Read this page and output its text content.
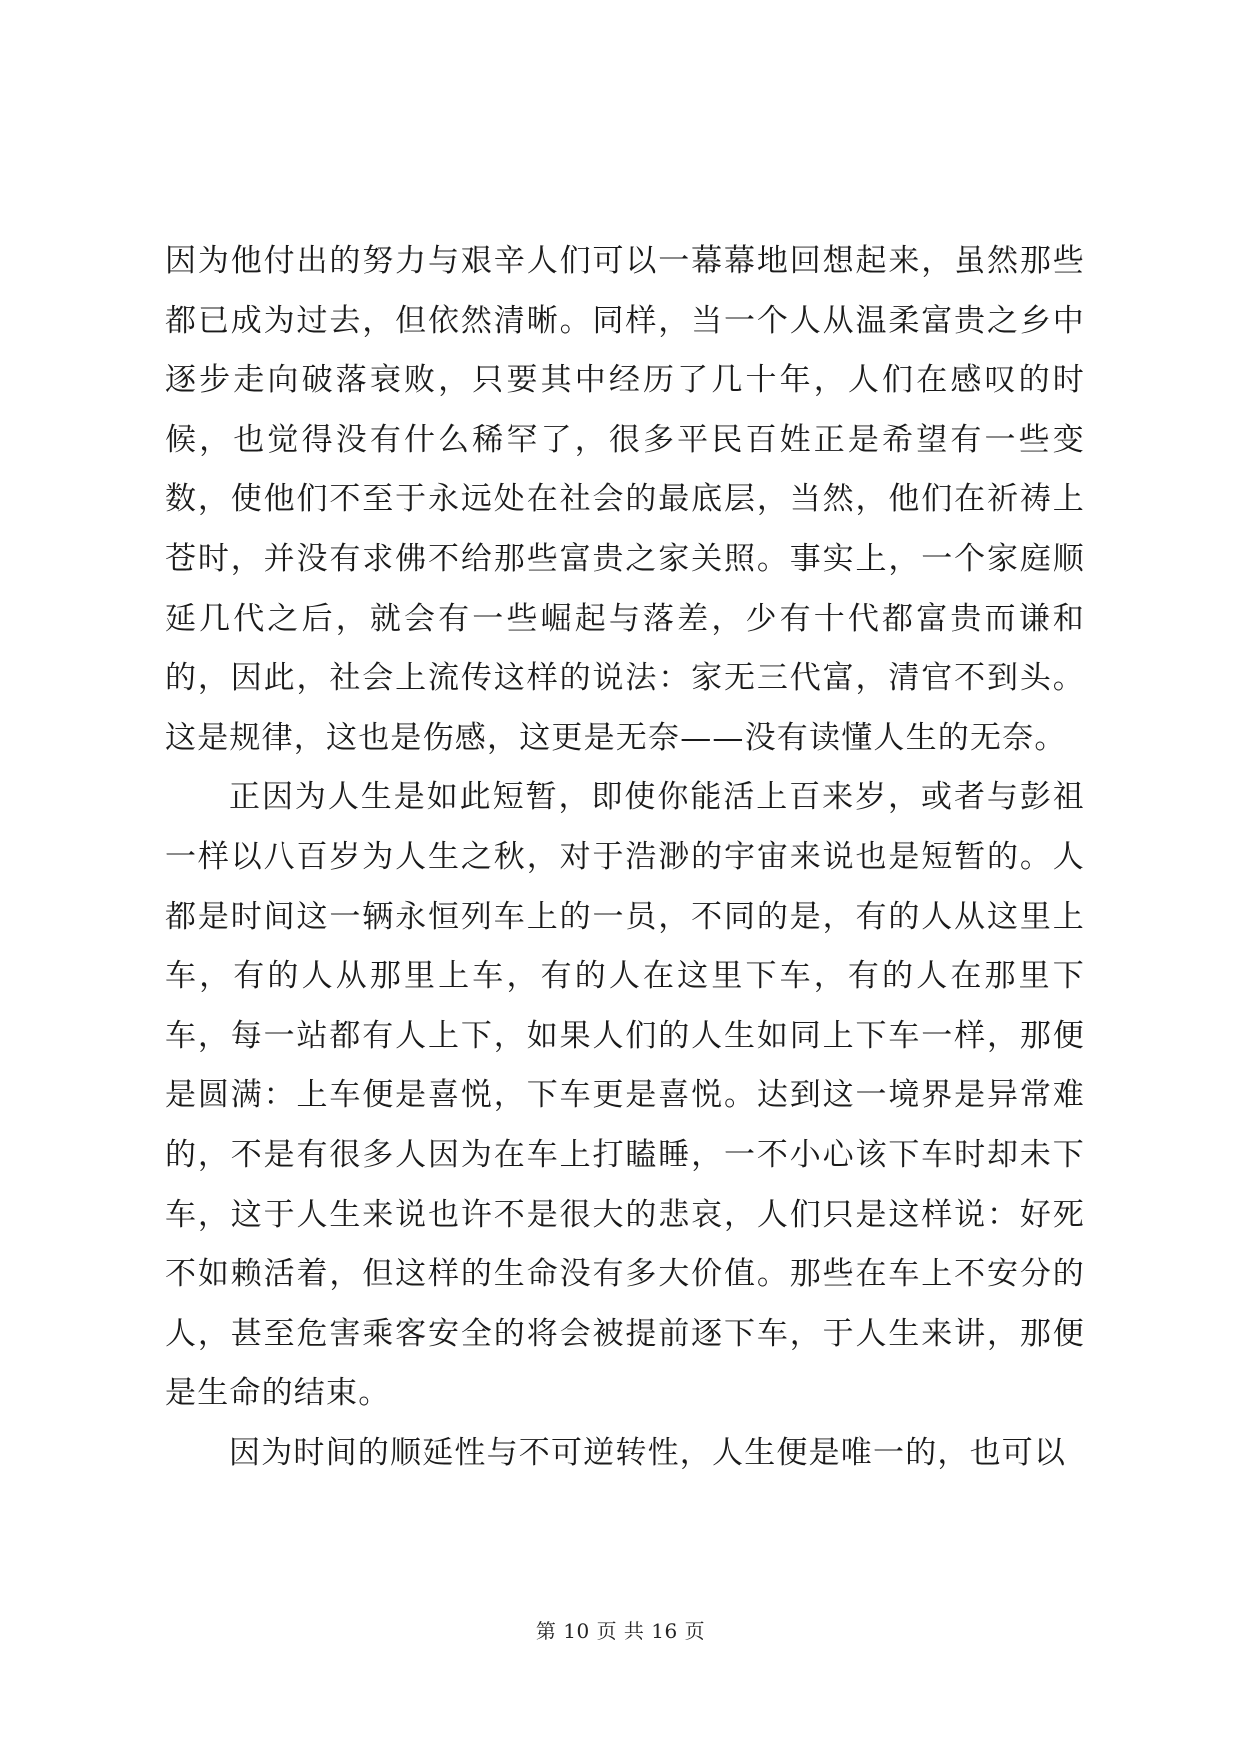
因为他付出的努力与艰辛人们可以一幕幕地回想起来，虽然那些都已成为过去，但依然清晰。同样，当一个人从温柔富贵之乡中逐步走向破落衰败，只要其中经历了几十年，人们在感叹的时候，也觉得没有什么稀罕了，很多平民百姓正是希望有一些变数，使他们不至于永远处在社会的最底层，当然，他们在祈祷上苍时，并没有求佛不给那些富贵之家关照。事实上，一个家庭顺延几代之后，就会有一些崛起与落差，少有十代都富贵而谦和的，因此，社会上流传这样的说法：家无三代富，清官不到头。这是规律，这也是伤感，这更是无奈——没有读懂人生的无奈。

正因为人生是如此短暂，即使你能活上百来岁，或者与彭祖一样以八百岁为人生之秋，对于浩渺的宇宙来说也是短暂的。人都是时间这一辆永恒列车上的一员，不同的是，有的人从这里上车，有的人从那里上车，有的人在这里下车，有的人在那里下车，每一站都有人上下，如果人们的人生如同上下车一样，那便是圆满：上车便是喜悦，下车更是喜悦。达到这一境界是异常难的，不是有很多人因为在车上打瞌睡，一不小心该下车时却未下车，这于人生来说也许不是很大的悲哀，人们只是这样说：好死不如赖活着，但这样的生命没有多大价值。那些在车上不安分的人，甚至危害乘客安全的将会被提前逐下车，于人生来讲，那便是生命的结束。

因为时间的顺延性与不可逆转性，人生便是唯一的，也可以

第 10 页 共 16 页
